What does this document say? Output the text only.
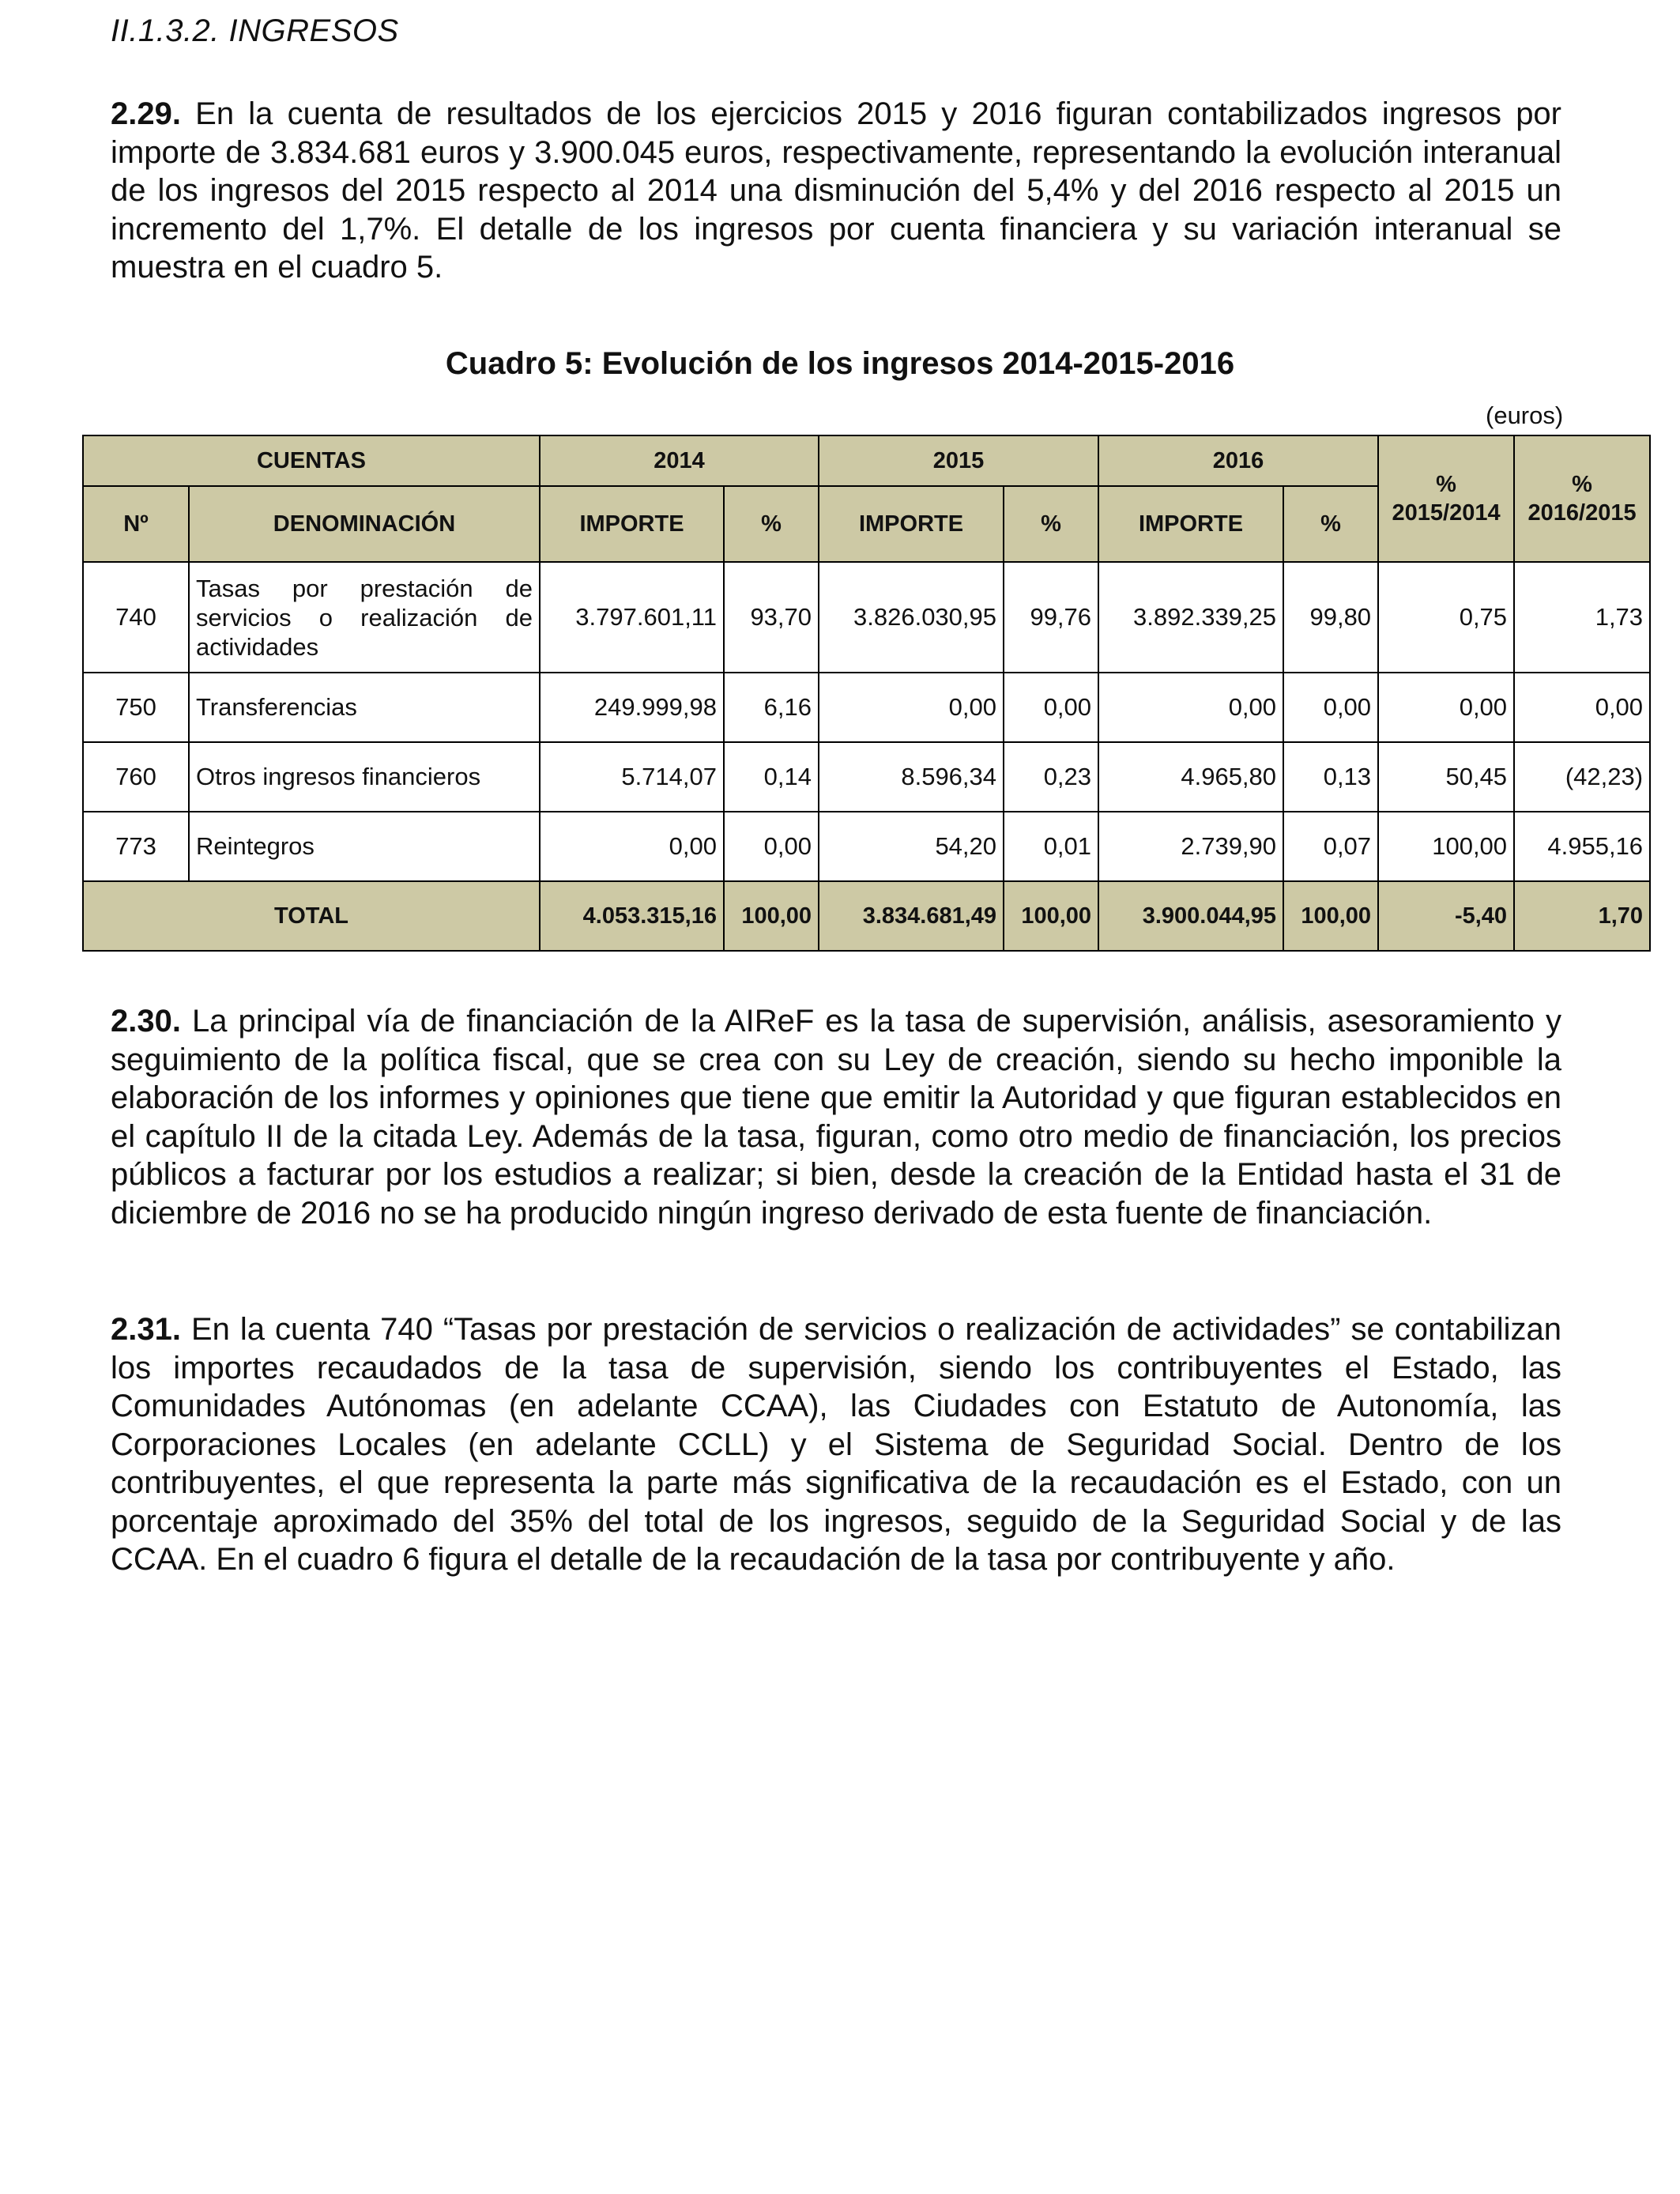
II.1.3.2. INGRESOS

2.29. En la cuenta de resultados de los ejercicios 2015 y 2016 figuran contabilizados ingresos por importe de 3.834.681 euros y 3.900.045 euros, respectivamente, representando la evolución interanual de los ingresos del 2015 respecto al 2014 una disminución del 5,4% y del 2016 respecto al 2015 un incremento del 1,7%. El detalle de los ingresos por cuenta financiera y su variación interanual se muestra en el cuadro 5.

Cuadro 5: Evolución de los ingresos 2014-2015-2016
(euros)
CUENTAS		2014		2015		2016		% 2015/2014	% 2016/2015
Nº	DENOMINACIÓN	IMPORTE	%	IMPORTE	%	IMPORTE	%		
740	Tasas por prestación de servicios o realización de actividades	3.797.601,11	93,70	3.826.030,95	99,76	3.892.339,25	99,80	0,75	1,73
750	Transferencias	249.999,98	6,16	0,00	0,00	0,00	0,00	0,00	0,00
760	Otros ingresos financieros	5.714,07	0,14	8.596,34	0,23	4.965,80	0,13	50,45	(42,23)
773	Reintegros	0,00	0,00	54,20	0,01	2.739,90	0,07	100,00	4.955,16
TOTAL		4.053.315,16	100,00	3.834.681,49	100,00	3.900.044,95	100,00	-5,40	1,70

2.30. La principal vía de financiación de la AIReF es la tasa de supervisión, análisis, asesoramiento y seguimiento de la política fiscal, que se crea con su Ley de creación, siendo su hecho imponible la elaboración de los informes y opiniones que tiene que emitir la Autoridad y que figuran establecidos en el capítulo II de la citada Ley. Además de la tasa, figuran, como otro medio de financiación, los precios públicos a facturar por los estudios a realizar; si bien, desde la creación de la Entidad hasta el 31 de diciembre de 2016 no se ha producido ningún ingreso derivado de esta fuente de financiación.

2.31. En la cuenta 740 “Tasas por prestación de servicios o realización de actividades” se contabilizan los importes recaudados de la tasa de supervisión, siendo los contribuyentes el Estado, las Comunidades Autónomas (en adelante CCAA), las Ciudades con Estatuto de Autonomía, las Corporaciones Locales (en adelante CCLL) y el Sistema de Seguridad Social. Dentro de los contribuyentes, el que representa la parte más significativa de la recaudación es el Estado, con un porcentaje aproximado del 35% del total de los ingresos, seguido de la Seguridad Social y de las CCAA. En el cuadro 6 figura el detalle de la recaudación de la tasa por contribuyente y año.
